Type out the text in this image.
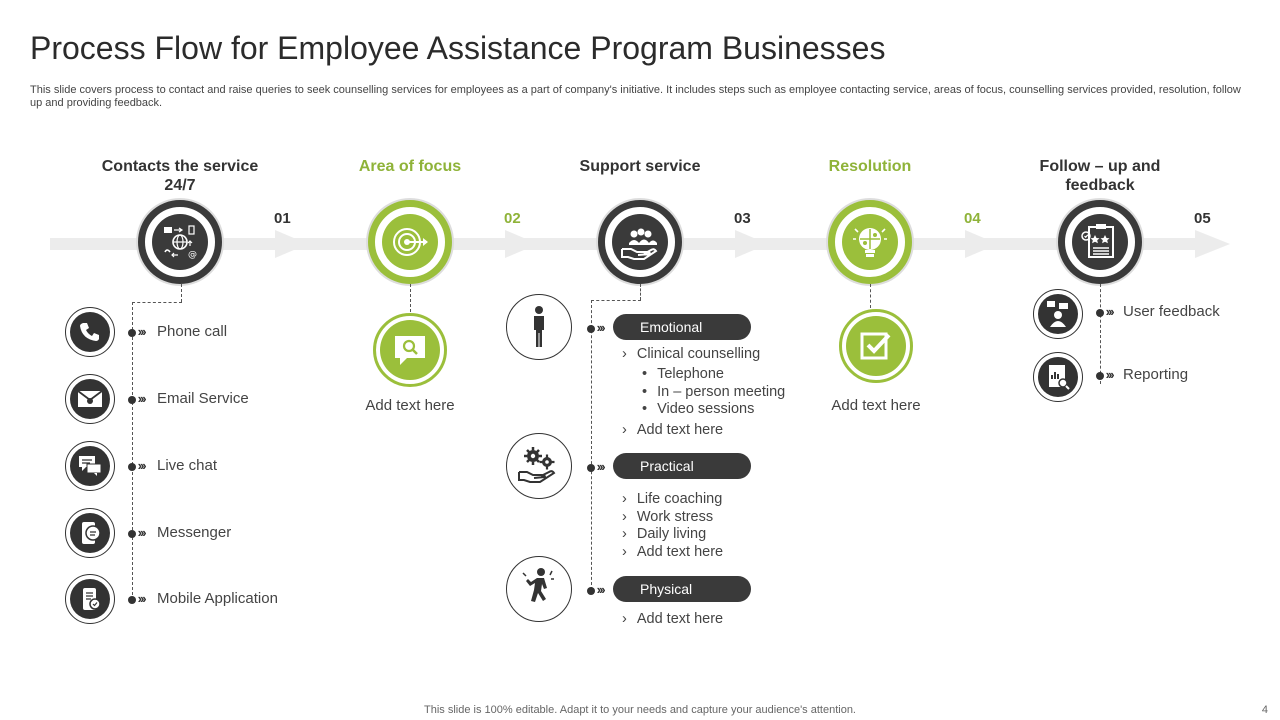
Process Flow for Employee Assistance Program Businesses
This slide covers process to contact and raise queries to seek counselling services for employees as a part of company's initiative. It includes steps such as employee contacting service, areas of focus, counselling services provided, resolution, follow up and providing feedback.
Contacts the service 24/7
Area of focus	Support service	Resolution	Follow – up and feedback
01	02	03	04	05
@
››› Phone call
››› Email Service
››› Live chat
››› Messenger
››› Mobile Application
Add text here
Emotional
›››
› Clinical counselling
• Telephone
• In – person meeting
• Video sessions
› Add text here
Practical
›››
› Life coaching
› Work stress
› Daily living
› Add text here
Physical
›››
› Add text here
Add text here
››› User feedback
››› Reporting
This slide is 100% editable. Adapt it to your needs and capture your audience's attention.	4
